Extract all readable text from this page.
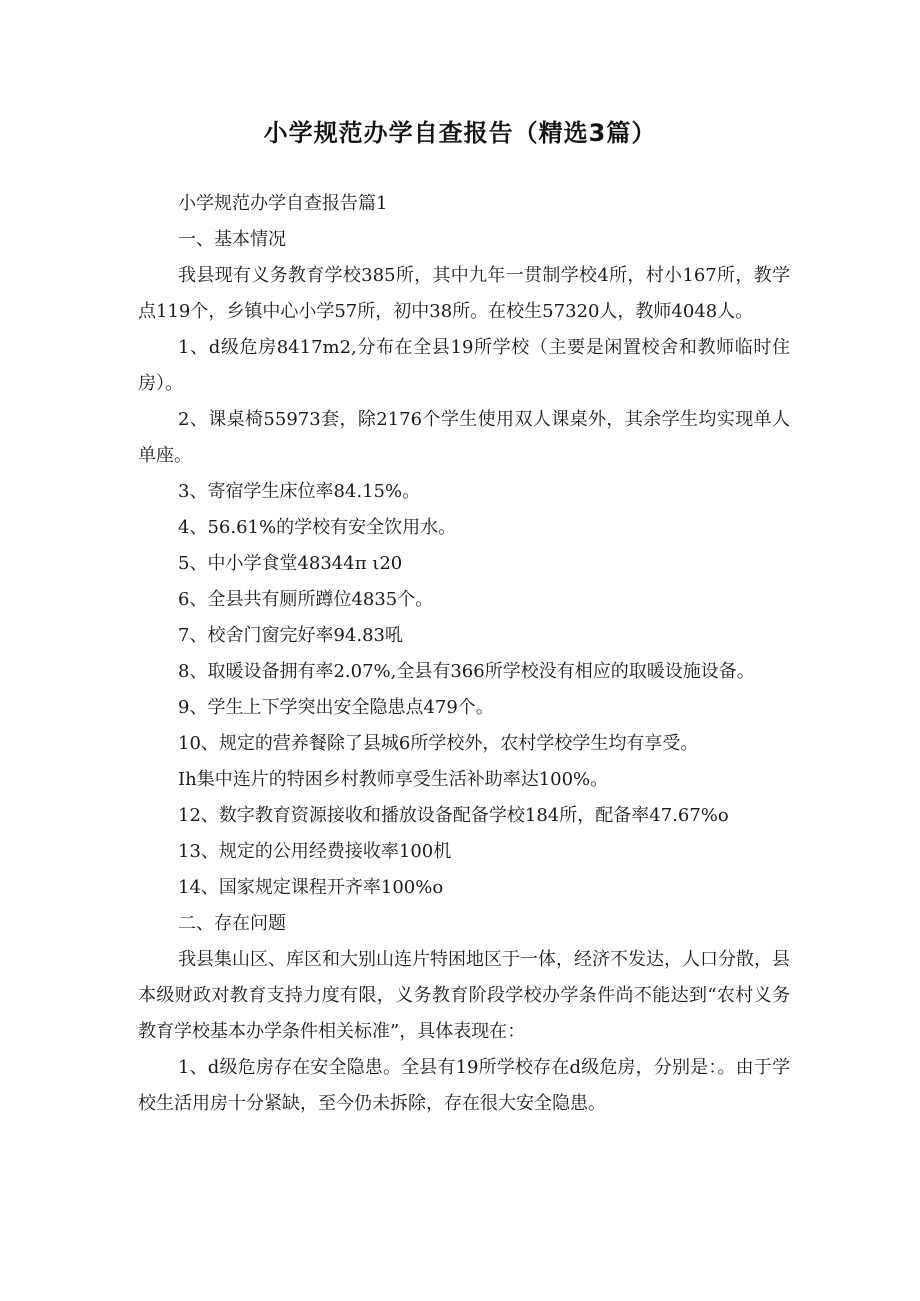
小学规范办学自查报告（精选3篇）

小学规范办学自查报告篇1

一、基本情况

我县现有义务教育学校385所，其中九年一贯制学校4所，村小167所，教学点119个，乡镇中心小学57所，初中38所。在校生57320人，教师4048人。

1、d级危房8417m2,分布在全县19所学校（主要是闲置校舍和教师临时住房）。

2、课桌椅55973套，除2176个学生使用双人课桌外，其余学生均实现单人单座。

3、寄宿学生床位率84.15%。

4、56.61%的学校有安全饮用水。

5、中小学食堂48344π ι20

6、全县共有厕所蹲位4835个。

7、校舍门窗完好率94.83吼

8、取暖设备拥有率2.07%,全县有366所学校没有相应的取暖设施设备。

9、学生上下学突出安全隐患点479个。

10、规定的营养餐除了县城6所学校外，农村学校学生均有享受。

Ih集中连片的特困乡村教师享受生活补助率达100%。

12、数字教育资源接收和播放设备配备学校184所，配备率47.67%o

13、规定的公用经费接收率100机

14、国家规定课程开齐率100%o

二、存在问题

我县集山区、库区和大别山连片特困地区于一体，经济不发达，人口分散，县本级财政对教育支持力度有限，义务教育阶段学校办学条件尚不能达到“农村义务教育学校基本办学条件相关标准”，具体表现在：

1、d级危房存在安全隐患。全县有19所学校存在d级危房，分别是：。由于学校生活用房十分紧缺，至今仍未拆除，存在很大安全隐患。
